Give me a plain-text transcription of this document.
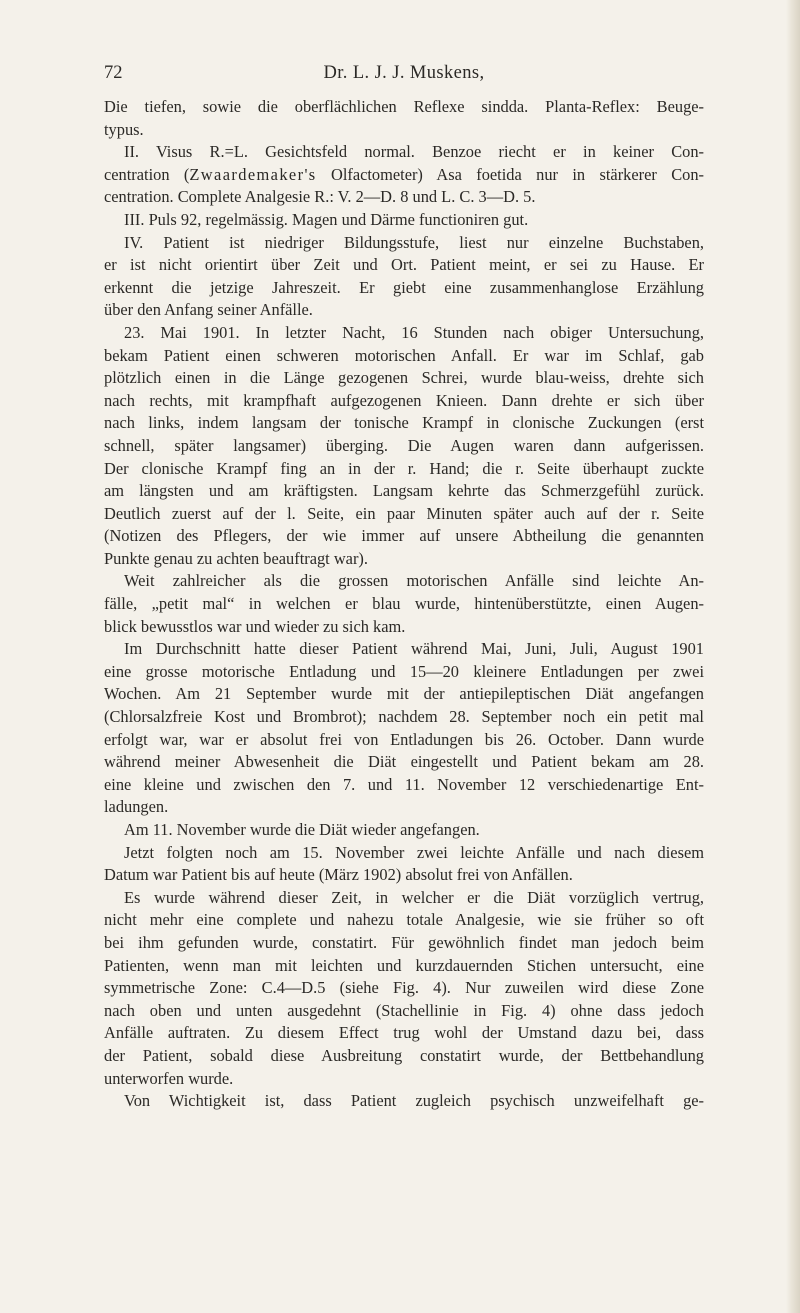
72	Dr. L. J. J. Muskens,
Die tiefen, sowie die oberflächlichen Reflexe sindda. Planta-Reflex: Beuge-
typus.
II. Visus R.=L. Gesichtsfeld normal. Benzoe riecht er in keiner Con-
centration (Zwaardemaker's Olfactometer) Asa foetida nur in stärkerer Con-
centration. Complete Analgesie R.: V. 2—D. 8 und L. C. 3—D. 5.
III. Puls 92, regelmässig. Magen und Därme functioniren gut.
IV. Patient ist niedriger Bildungsstufe, liest nur einzelne Buchstaben,
er ist nicht orientirt über Zeit und Ort. Patient meint, er sei zu Hause. Er
erkennt die jetzige Jahreszeit. Er giebt eine zusammenhanglose Erzählung
über den Anfang seiner Anfälle.
23. Mai 1901. In letzter Nacht, 16 Stunden nach obiger Untersuchung,
bekam Patient einen schweren motorischen Anfall. Er war im Schlaf, gab
plötzlich einen in die Länge gezogenen Schrei, wurde blau-weiss, drehte sich
nach rechts, mit krampfhaft aufgezogenen Knieen. Dann drehte er sich über
nach links, indem langsam der tonische Krampf in clonische Zuckungen (erst
schnell, später langsamer) überging. Die Augen waren dann aufgerissen.
Der clonische Krampf fing an in der r. Hand; die r. Seite überhaupt zuckte
am längsten und am kräftigsten. Langsam kehrte das Schmerzgefühl zurück.
Deutlich zuerst auf der l. Seite, ein paar Minuten später auch auf der r. Seite
(Notizen des Pflegers, der wie immer auf unsere Abtheilung die genannten
Punkte genau zu achten beauftragt war).
Weit zahlreicher als die grossen motorischen Anfälle sind leichte An-
fälle, „petit mal“ in welchen er blau wurde, hintenüberstützte, einen Augen-
blick bewusstlos war und wieder zu sich kam.
Im Durchschnitt hatte dieser Patient während Mai, Juni, Juli, August 1901
eine grosse motorische Entladung und 15—20 kleinere Entladungen per zwei
Wochen. Am 21 September wurde mit der antiepileptischen Diät angefangen
(Chlorsalzfreie Kost und Brombrot); nachdem 28. September noch ein petit mal
erfolgt war, war er absolut frei von Entladungen bis 26. October. Dann wurde
während meiner Abwesenheit die Diät eingestellt und Patient bekam am 28.
eine kleine und zwischen den 7. und 11. November 12 verschiedenartige Ent-
ladungen.
Am 11. November wurde die Diät wieder angefangen.
Jetzt folgten noch am 15. November zwei leichte Anfälle und nach diesem
Datum war Patient bis auf heute (März 1902) absolut frei von Anfällen.
Es wurde während dieser Zeit, in welcher er die Diät vorzüglich vertrug,
nicht mehr eine complete und nahezu totale Analgesie, wie sie früher so oft
bei ihm gefunden wurde, constatirt. Für gewöhnlich findet man jedoch beim
Patienten, wenn man mit leichten und kurzdauernden Stichen untersucht, eine
symmetrische Zone: C.4—D.5 (siehe Fig. 4). Nur zuweilen wird diese Zone
nach oben und unten ausgedehnt (Stachellinie in Fig. 4) ohne dass jedoch
Anfälle auftraten. Zu diesem Effect trug wohl der Umstand dazu bei, dass
der Patient, sobald diese Ausbreitung constatirt wurde, der Bettbehandlung
unterworfen wurde.
Von Wichtigkeit ist, dass Patient zugleich psychisch unzweifelhaft ge-
